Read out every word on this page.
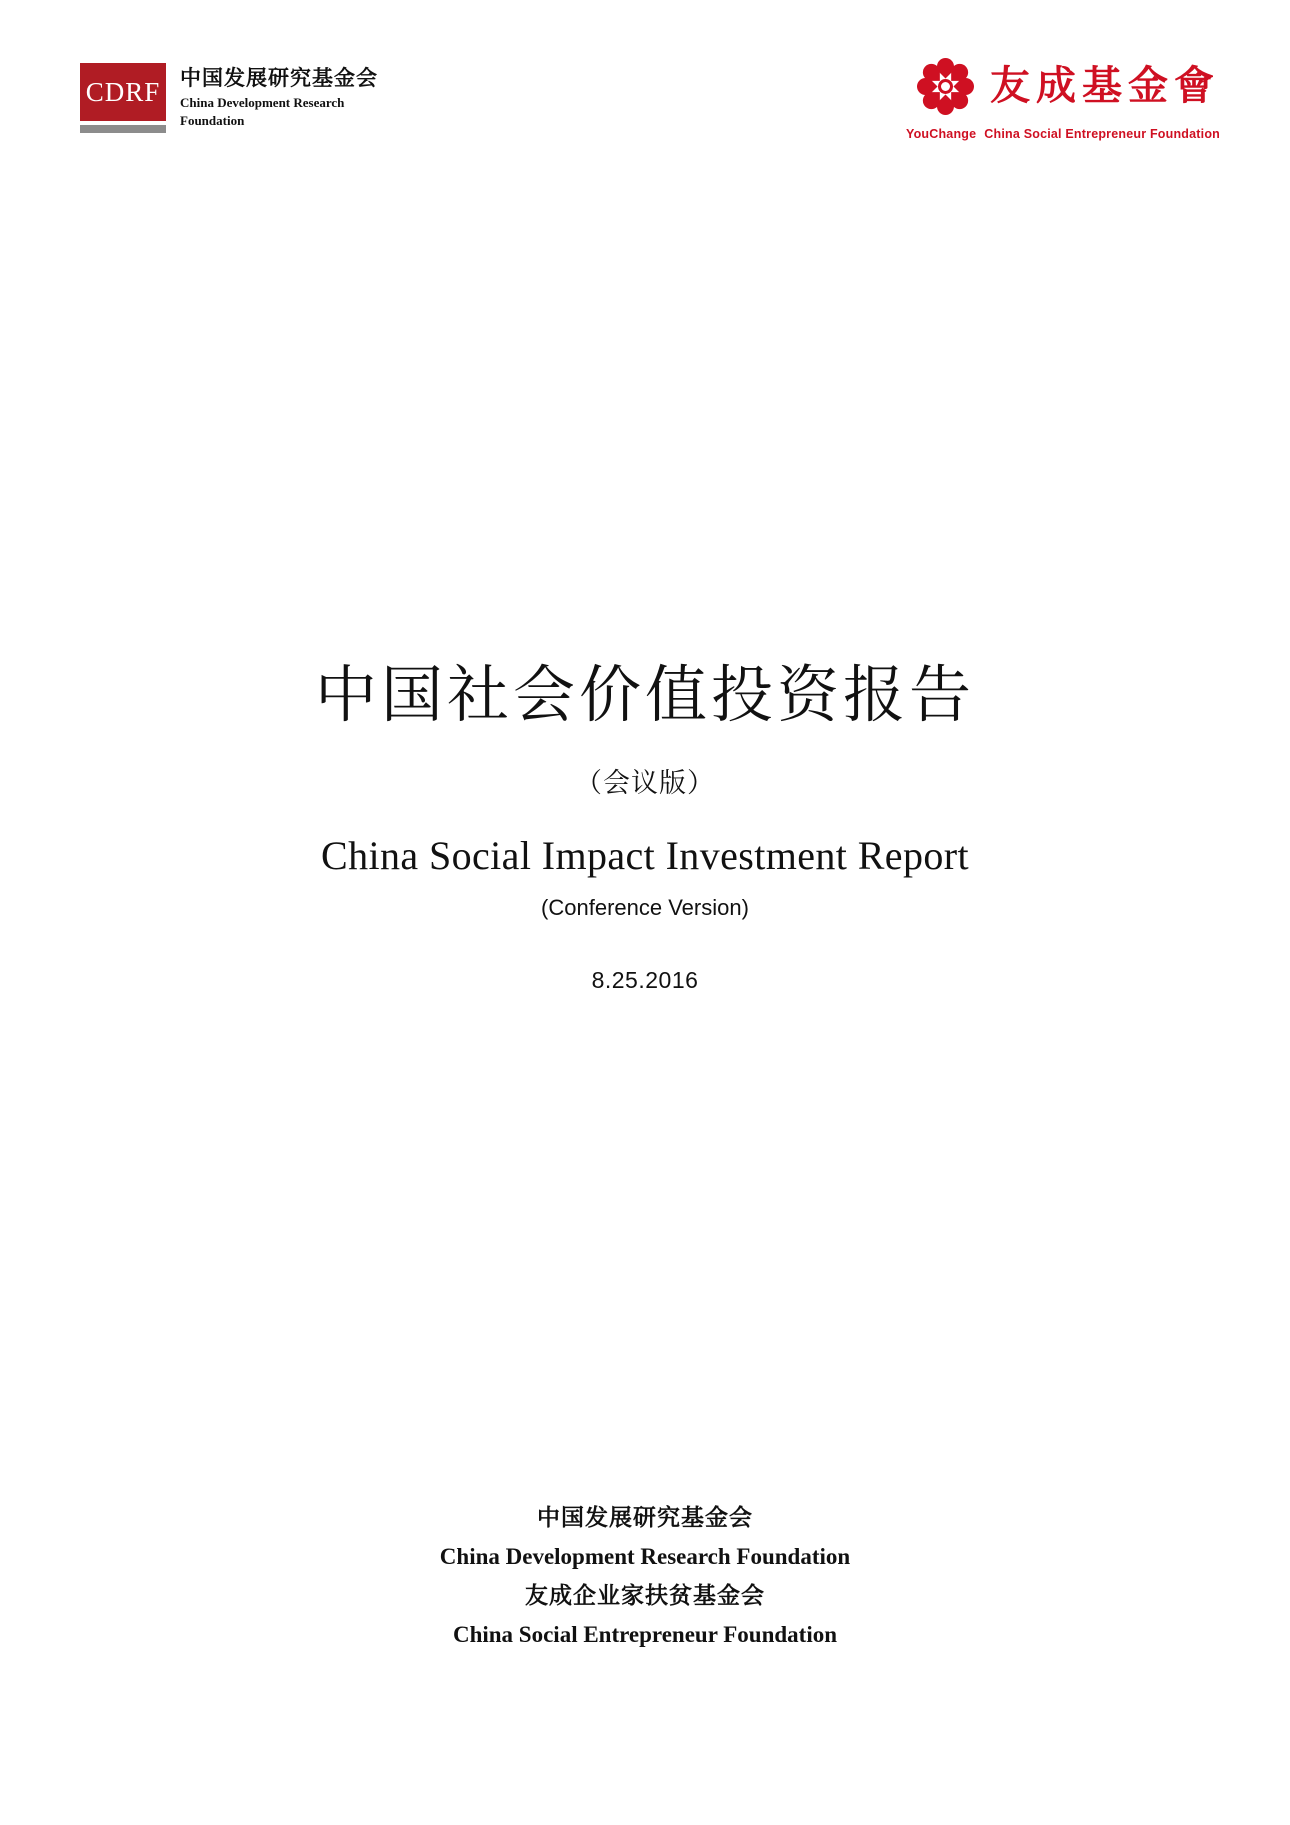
CDRF 中国发展研究基金会
China Development Research Foundation
友成基金會
YouChange China Social Entrepreneur Foundation
中国社会价值投资报告
（会议版）
China Social Impact Investment Report
(Conference Version)
8.25.2016
中国发展研究基金会
China Development Research Foundation
友成企业家扶贫基金会
China Social Entrepreneur Foundation
